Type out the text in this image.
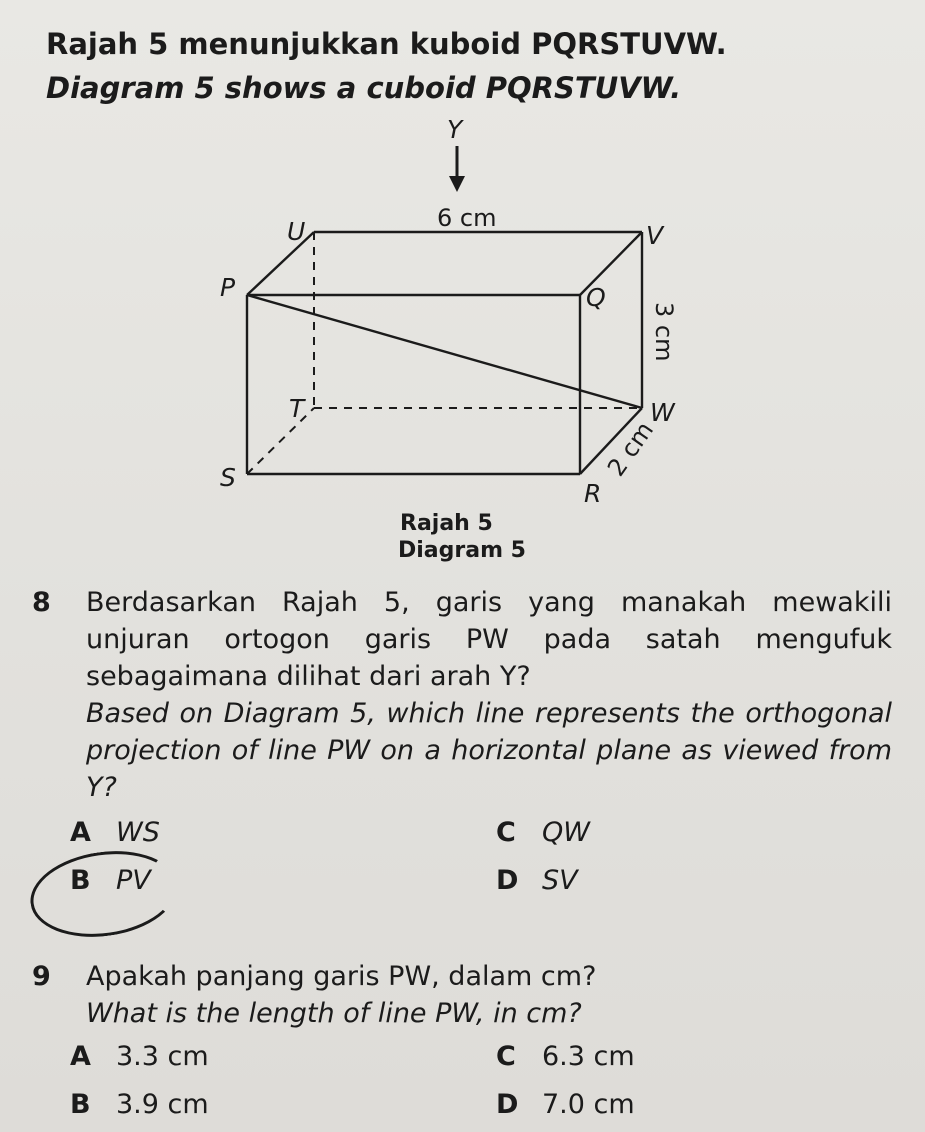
Rajah 5 menunjukkan kuboid PQRSTUVW.
Diagram 5 shows a cuboid PQRSTUVW.
Y
U	V
P	Q
T	W
S
R
6 cm
3 cm
2 cm
Rajah 5
Diagram 5
8 Berdasarkan Rajah 5, garis yang manakah mewakili unjuran ortogon garis PW pada satah mengufuk sebagaimana dilihat dari arah Y?
Based on Diagram 5, which line represents the orthogonal projection of line PW on a horizontal plane as viewed from Y?
A WS	C QW
B PV	D SV
9 Apakah panjang garis PW, dalam cm?
What is the length of line PW, in cm?
A 3.3 cm	C 6.3 cm
B 3.9 cm	D 7.0 cm
